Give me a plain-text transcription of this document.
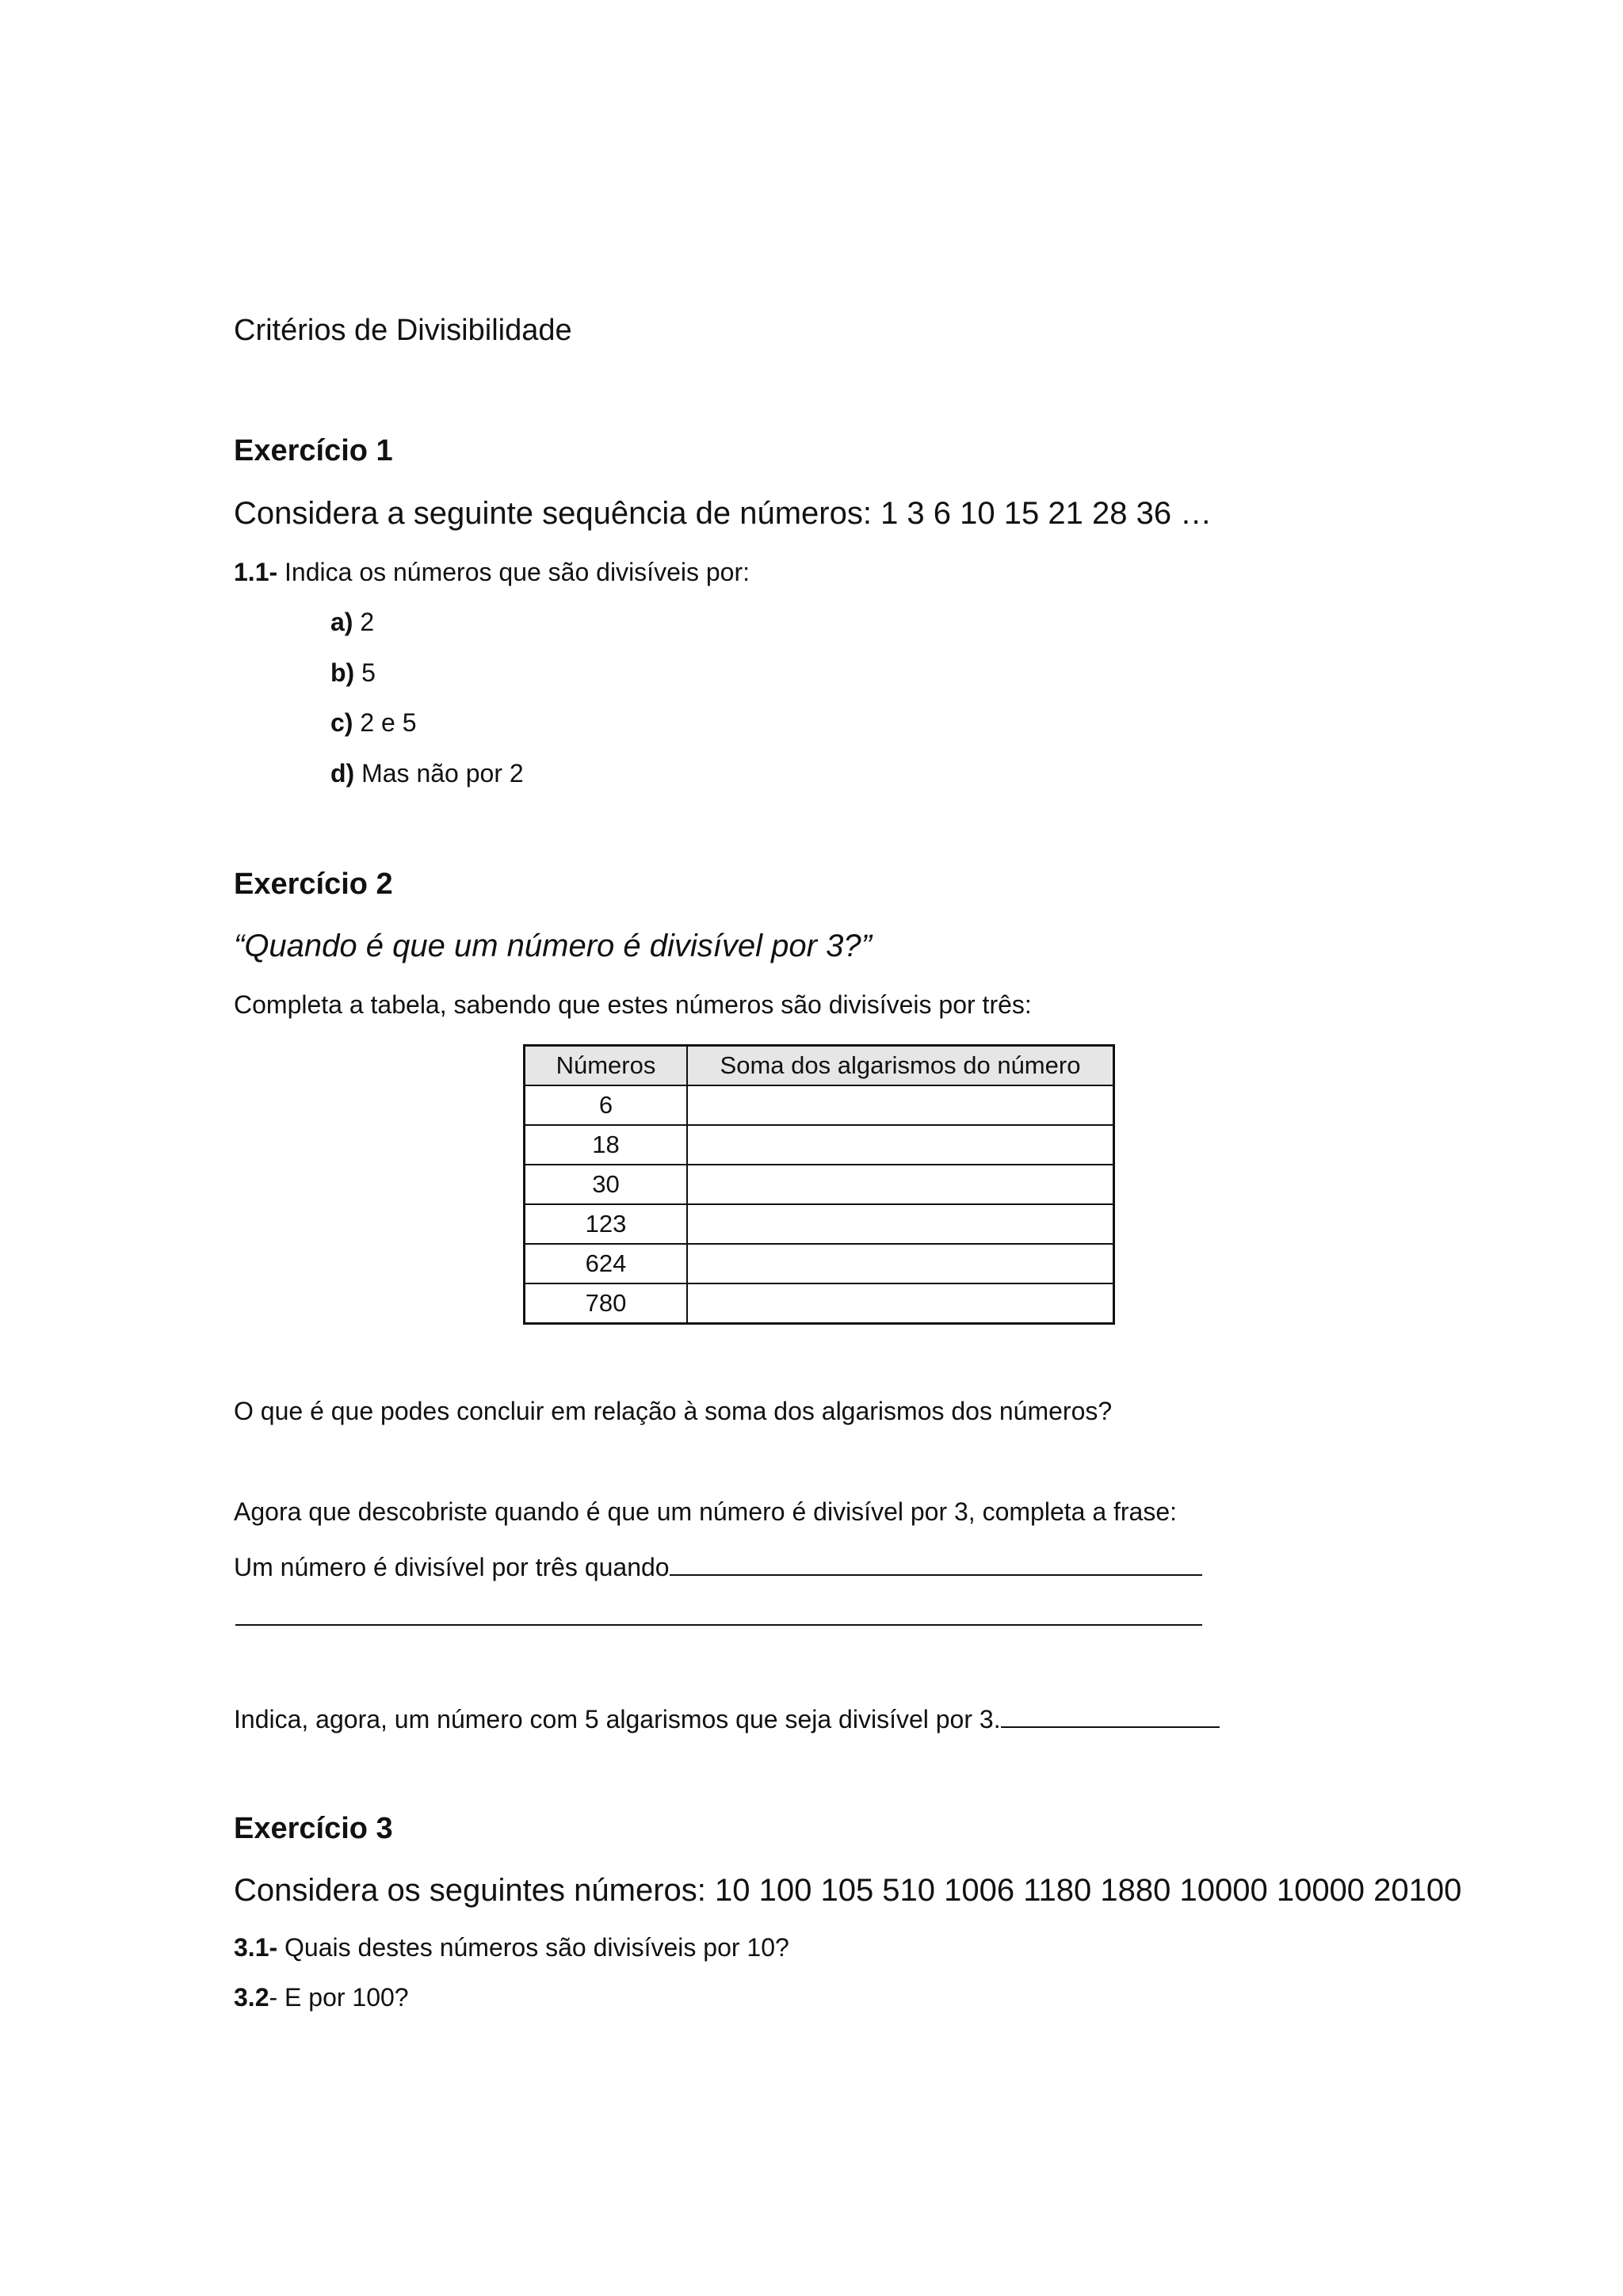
Critérios de Divisibilidade
Exercício 1
Considera a seguinte sequência de números: 1 3 6 10 15 21 28 36 …
1.1- Indica os números que são divisíveis por:
a) 2
b) 5
c) 2 e 5
d) Mas não por 2
Exercício 2
“Quando é que um número é divisível por 3?”
Completa a tabela, sabendo que estes números são divisíveis por três:
Números	Soma dos algarismos do número
6	
18	
30	
123	
624	
780	
O que é que podes concluir em relação à soma dos algarismos dos números?
Agora que descobriste quando é que um número é divisível por 3, completa a frase:
Um número é divisível por três quando
Indica, agora, um número com 5 algarismos que seja divisível por 3.
Exercício 3
Considera os seguintes números: 10 100 105 510 1006 1180 1880 10000 10000 20100
3.1- Quais destes números são divisíveis por 10?
3.2- E por 100?
